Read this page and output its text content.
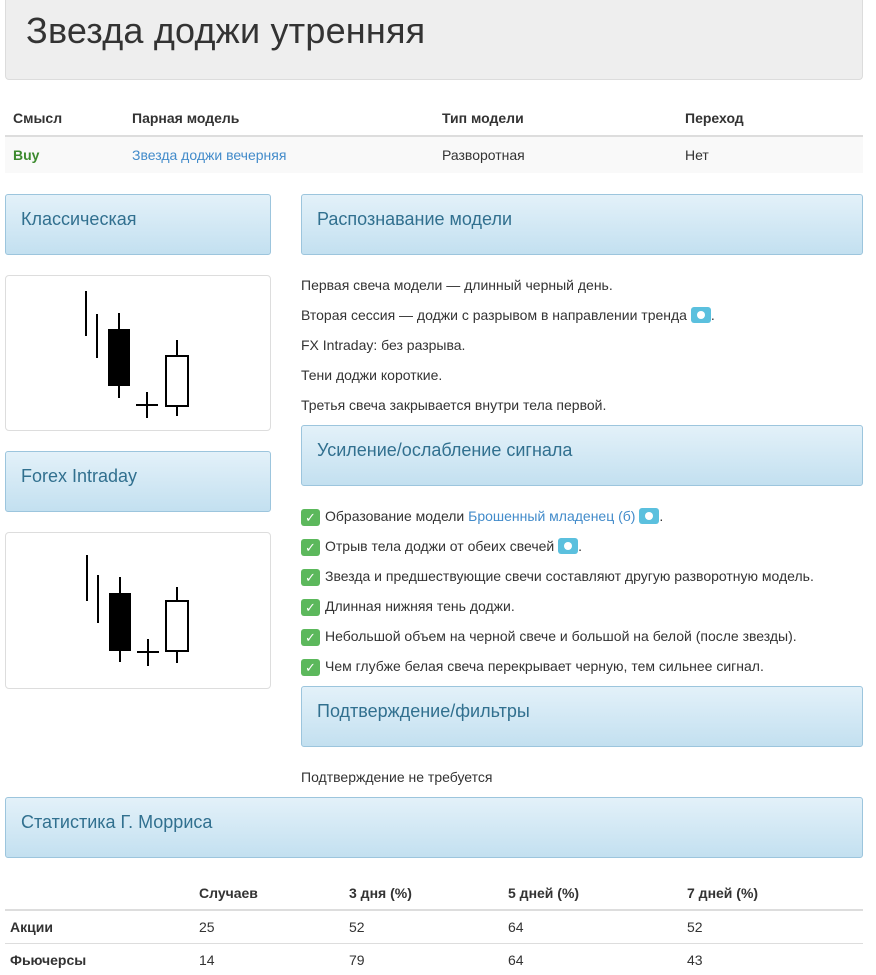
Звезда доджи утренняя
Смысл	Парная модель	Тип модели	Переход
Buy	Звезда доджи вечерняя	Разворотная	Нет
Классическая
Forex Intraday
Распознавание модели
Первая свеча модели — длинный черный день.
Вторая сессия — доджи с разрывом в направлении тренда .
FX Intraday: без разрыва.
Тени доджи короткие.
Третья свеча закрывается внутри тела первой.
Усиление/ослабление сигнала
✓ Образование модели Брошенный младенец (б) .
✓ Отрыв тела доджи от обеих свечей .
✓ Звезда и предшествующие свечи составляют другую разворотную модель.
✓ Длинная нижняя тень доджи.
✓ Небольшой объем на черной свече и большой на белой (после звезды).
✓ Чем глубже белая свеча перекрывает черную, тем сильнее сигнал.
Подтверждение/фильтры
Подтверждение не требуется
Статистика Г. Морриса
	Случаев	3 дня (%)	5 дней (%)	7 дней (%)
Акции	25	52	64	52
Фьючерсы	14	79	64	43
